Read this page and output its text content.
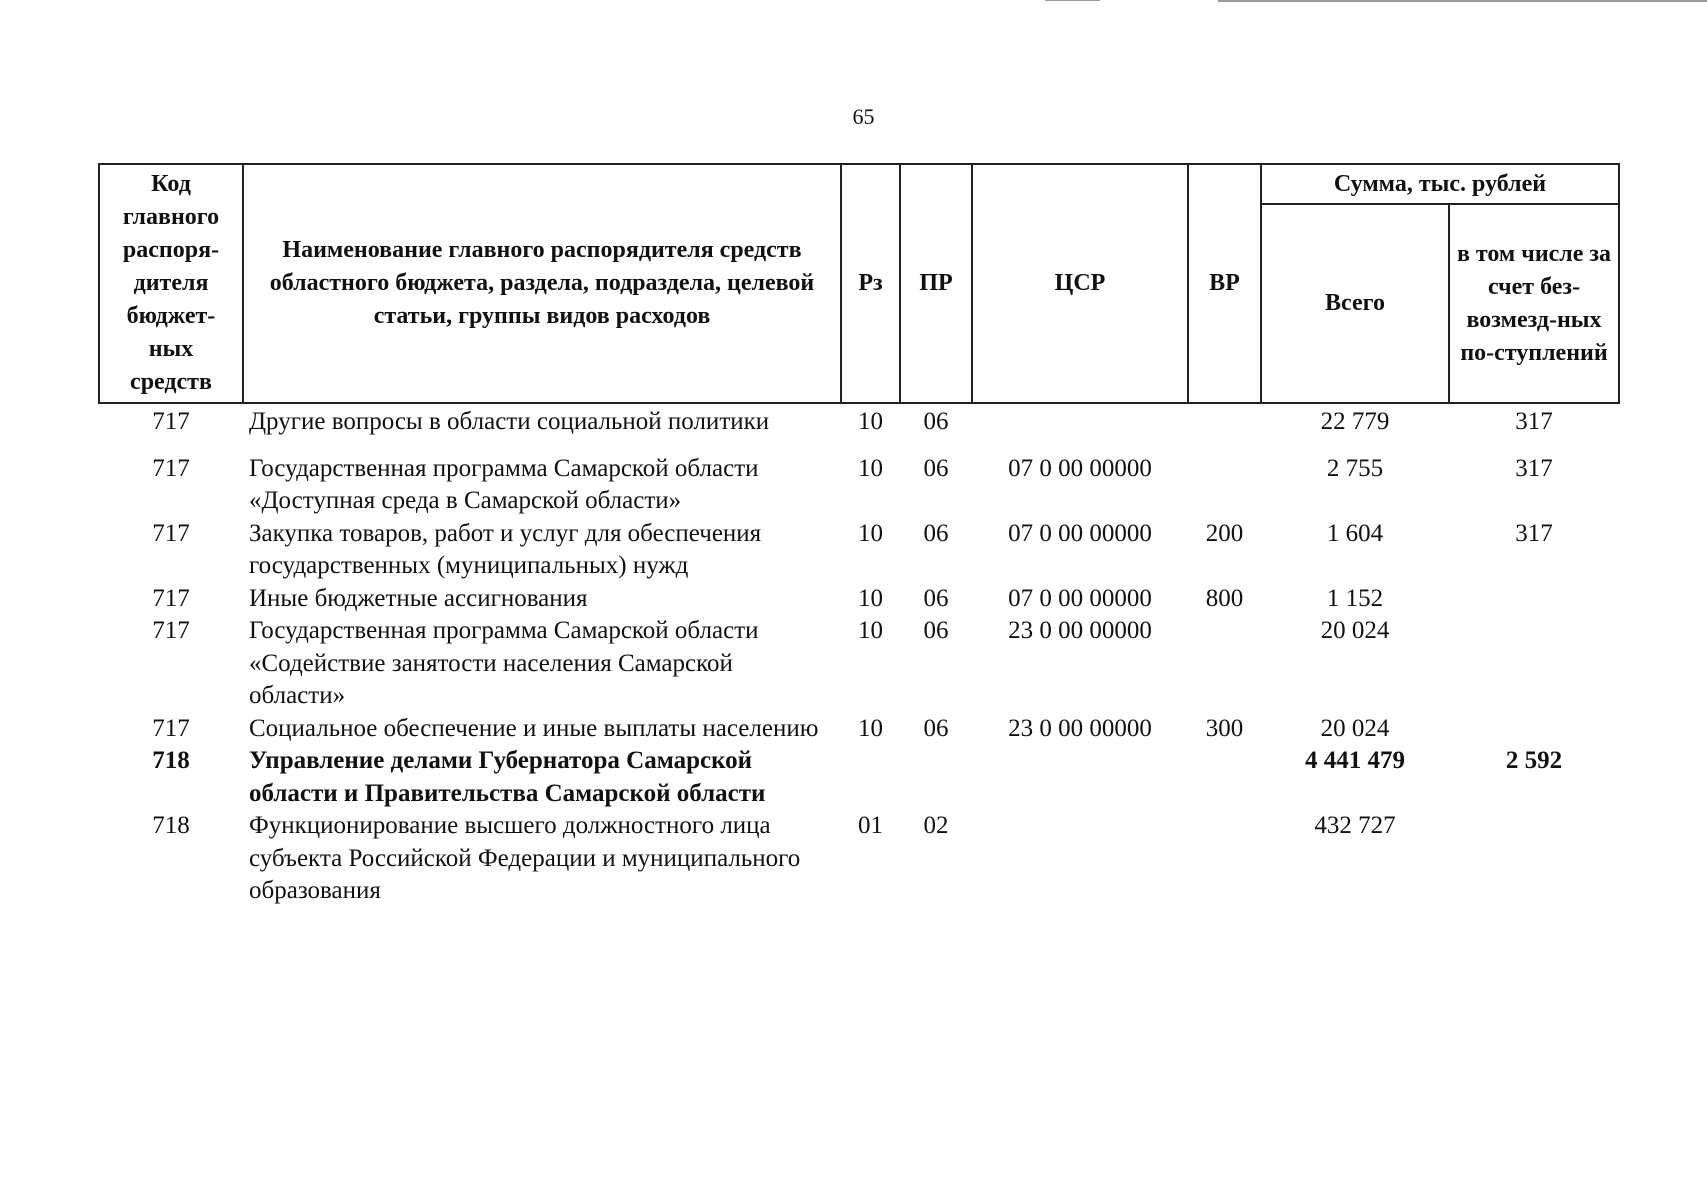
65
Код главного распоря-дителя бюджет-ных средств	Наименование главного распорядителя средств областного бюджета, раздела, подраздела, целевой статьи, группы видов расходов	Рз	ПР	ЦСР	ВР	Сумма, тыс. рублей	
						Всего	в том числе за счет без-возмезд-ных по-ступлений
717	Другие вопросы в области социальной политики	10	06			22 779	317
717	Государственная программа Самарской области «Доступная среда в Самарской области»	10	06	07 0 00 00000		2 755	317
717	Закупка товаров, работ и услуг для обеспечения государственных (муниципальных) нужд	10	06	07 0 00 00000	200	1 604	317
717	Иные бюджетные ассигнования	10	06	07 0 00 00000	800	1 152	
717	Государственная программа Самарской области «Содействие занятости населения Самарской области»	10	06	23 0 00 00000		20 024	
717	Социальное обеспечение и иные выплаты населению	10	06	23 0 00 00000	300	20 024	
718	Управление делами Губернатора Самарской области и Правительства Самарской области					4 441 479	2 592
718	Функционирование высшего должностного лица субъекта Российской Федерации и муниципального образования	01	02			432 727	
